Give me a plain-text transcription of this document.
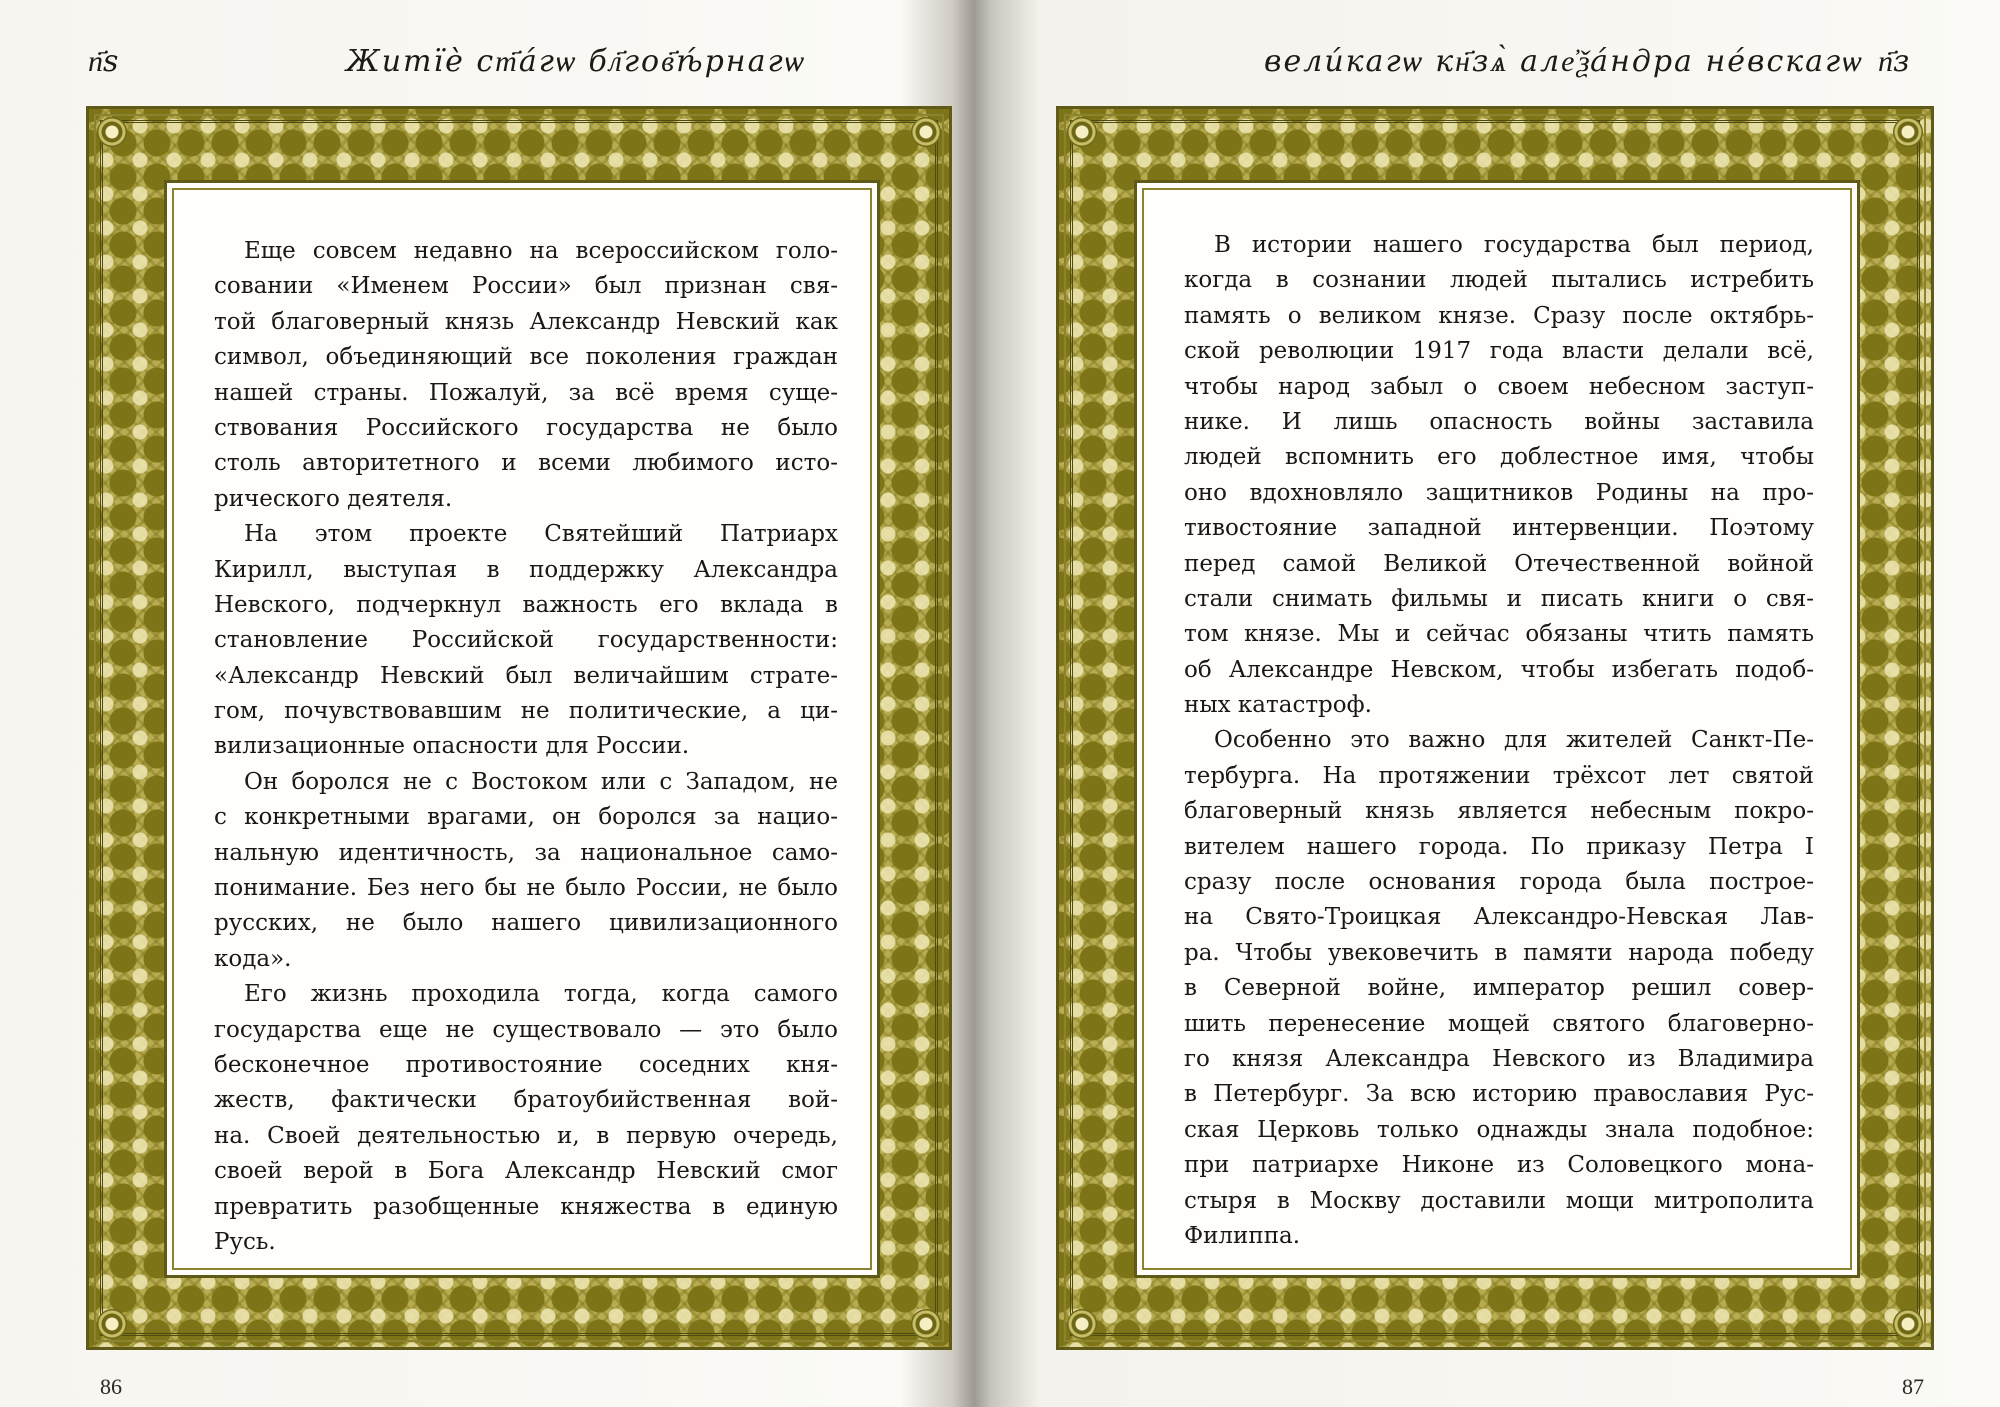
п҃ѕ	Житїѐ ст҃а́гѡ бл҃гов҃ѣ́рнагѡ
Еще совсем недавно на всероссийском голо-
совании «Именем России» был признан свя-
той благоверный князь Александр Невский как
символ, объединяющий все поколения граждан
нашей страны. Пожалуй, за всё время суще-
ствования Российского государства не было
столь авторитетного и всеми любимого исто-
рического деятеля.
На этом проекте Святейший Патриарх
Кирилл, выступая в поддержку Александра
Невского, подчеркнул важность его вклада в
становление Российской государственности:
«Александр Невский был величайшим страте-
гом, почувствовавшим не политические, а ци-
вилизационные опасности для России.
Он боролся не с Востоком или с Западом, не
с конкретными врагами, он боролся за нацио-
нальную идентичность, за национальное само-
понимание. Без него бы не было России, не было
русских, не было нашего цивилизационного
кода».
Его жизнь проходила тогда, когда самого
государства еще не существовало — это было
бесконечное противостояние соседних кня-
жеств, фактически братоубийственная вой-
на. Своей деятельностью и, в первую очередь,
своей верой в Бога Александр Невский смог
превратить разобщенные княжества в единую
Русь.
86
вели́кагѡ кн҃зѧ̀ але҆ѯа́ндра не́вскагѡ п҃з
В истории нашего государства был период,
когда в сознании людей пытались истребить
память о великом князе. Сразу после октябрь-
ской революции 1917 года власти делали всё,
чтобы народ забыл о своем небесном заступ-
нике. И лишь опасность войны заставила
людей вспомнить его доблестное имя, чтобы
оно вдохновляло защитников Родины на про-
тивостояние западной интервенции. Поэтому
перед самой Великой Отечественной войной
стали снимать фильмы и писать книги о свя-
том князе. Мы и сейчас обязаны чтить память
об Александре Невском, чтобы избегать подоб-
ных катастроф.
Особенно это важно для жителей Санкт-Пе-
тербурга. На протяжении трёхсот лет святой
благоверный князь является небесным покро-
вителем нашего города. По приказу Петра I
сразу после основания города была построе-
на Свято-Троицкая Александро-Невская Лав-
ра. Чтобы увековечить в памяти народа победу
в Северной войне, император решил совер-
шить перенесение мощей святого благоверно-
го князя Александра Невского из Владимира
в Петербург. За всю историю православия Рус-
ская Церковь только однажды знала подобное:
при патриархе Никоне из Соловецкого мона-
стыря в Москву доставили мощи митрополита
Филиппа.
87
